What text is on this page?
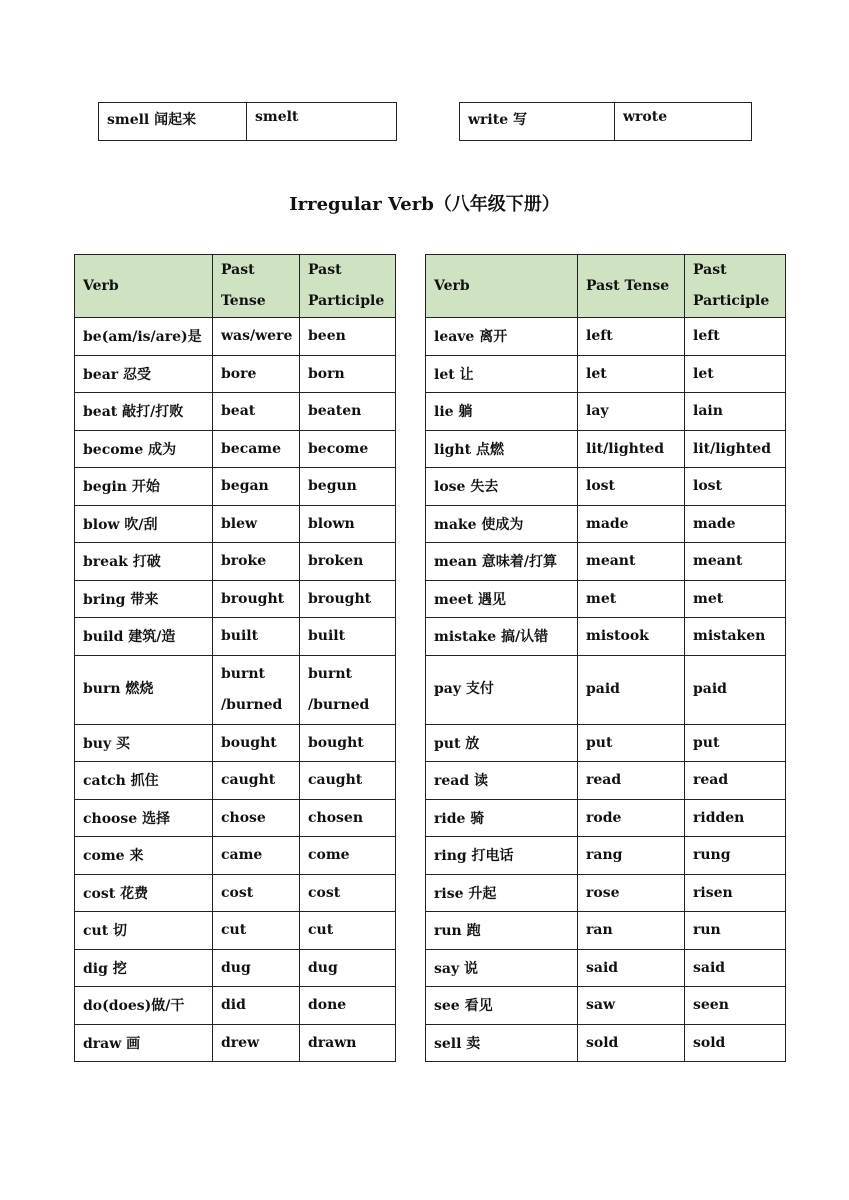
smell 闻起来	smelt	write 写	wrote
Irregular Verb（八年级下册）
Verb	Past Tense	Past Participle
be(am/is/are)是	was/were	been
bear 忍受	bore	born
beat 敲打/打败	beat	beaten
become 成为	became	become
begin 开始	began	begun
blow 吹/刮	blew	blown
break 打破	broke	broken
bring 带来	brought	brought
build 建筑/造	built	built
burn 燃烧	burnt /burned	burnt /burned
buy 买	bought	bought
catch 抓住	caught	caught
choose 选择	chose	chosen
come 来	came	come
cost 花费	cost	cost
cut 切	cut	cut
dig 挖	dug	dug
do(does)做/干	did	done
draw 画	drew	drawn
Verb	Past Tense	Past Participle
leave 离开	left	left
let 让	let	let
lie 躺	lay	lain
light 点燃	lit/lighted	lit/lighted
lose 失去	lost	lost
make 使成为	made	made
mean 意味着/打算	meant	meant
meet 遇见	met	met
mistake 搞/认错	mistook	mistaken
pay 支付	paid	paid
put 放	put	put
read 读	read	read
ride 骑	rode	ridden
ring 打电话	rang	rung
rise 升起	rose	risen
run 跑	ran	run
say 说	said	said
see 看见	saw	seen
sell 卖	sold	sold
